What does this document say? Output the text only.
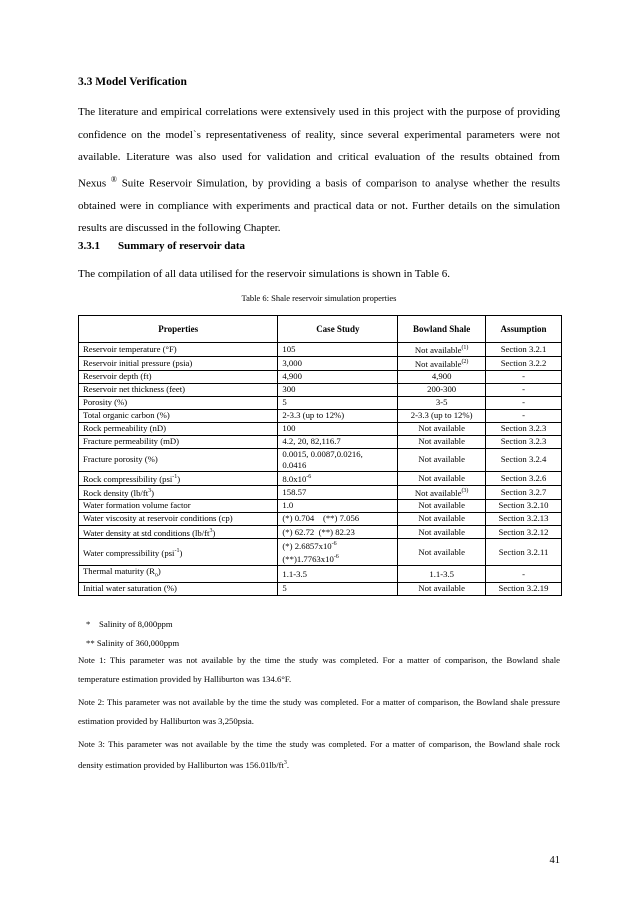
3.3 Model Verification

The literature and empirical correlations were extensively used in this project with the purpose of providing confidence on the model`s representativeness of reality, since several experimental parameters were not available. Literature was also used for validation and critical evaluation of the results obtained from Nexus ® Suite Reservoir Simulation, by providing a basis of comparison to analyse whether the results obtained were in compliance with experiments and practical data or not. Further details on the simulation results are discussed in the following Chapter.

3.3.1 Summary of reservoir data

The compilation of all data utilised for the reservoir simulations is shown in Table 6.

Table 6: Shale reservoir simulation properties

Properties	Case Study	Bowland Shale	Assumption
Reservoir temperature (°F)	105	Not available$^{(1)}$	Section 3.2.1
Reservoir initial pressure (psia)	3,000	Not available$^{(2)}$	Section 3.2.2
Reservoir depth (ft)	4,900	4,900	-
Reservoir net thickness (feet)	300	200-300	-
Porosity (%)	5	3-5	-
Total organic carbon (%)	2-3.3 (up to 12%)	2-3.3 (up to 12%)	-
Rock permeability (nD)	100	Not available	Section 3.2.3
Fracture permeability (mD)	4.2, 20, 82,116.7	Not available	Section 3.2.3
Fracture porosity (%)	0.0015, 0.0087,0.0216,
0.0416	Not available	Section 3.2.4
Rock compressibility (psi$^{-1}$)	$8.0x10^{-6}$	Not available	Section 3.2.6
Rock density $(lb/ft^3)$	158.57	Not available$^{(3)}$	Section 3.2.7
Water formation volume factor	1.0	Not available	Section 3.2.10
Water viscosity at reservoir conditions (cp)	(*) 0.704    (**) 7.056	Not available	Section 3.2.13
Water density at std conditions $(lb/ft^3)$	(*) 62.72  (**) 82.23	Not available	Section 3.2.12
Water compressibility (psi$^{-1}$)	(*) $2.6857x10^{-6}$
$(**)1.7763x10^{-6}$	Not available	Section 3.2.11
Thermal maturity $(R_o)$	1.1-3.5	1.1-3.5	-
Initial water saturation (%)	5	Not available	Section 3.2.19

*    Salinity of 8,000ppm

** Salinity of 360,000ppm

Note 1: This parameter was not available by the time the study was completed. For a matter of comparison, the Bowland shale temperature estimation provided by Halliburton was 134.6°F.

Note 2: This parameter was not available by the time the study was completed. For a matter of comparison, the Bowland shale pressure estimation provided by Halliburton was 3,250psia.

Note 3: This parameter was not available by the time the study was completed. For a matter of comparison, the Bowland shale rock density estimation provided by Halliburton was $156.01lb/ft^3$.

41
